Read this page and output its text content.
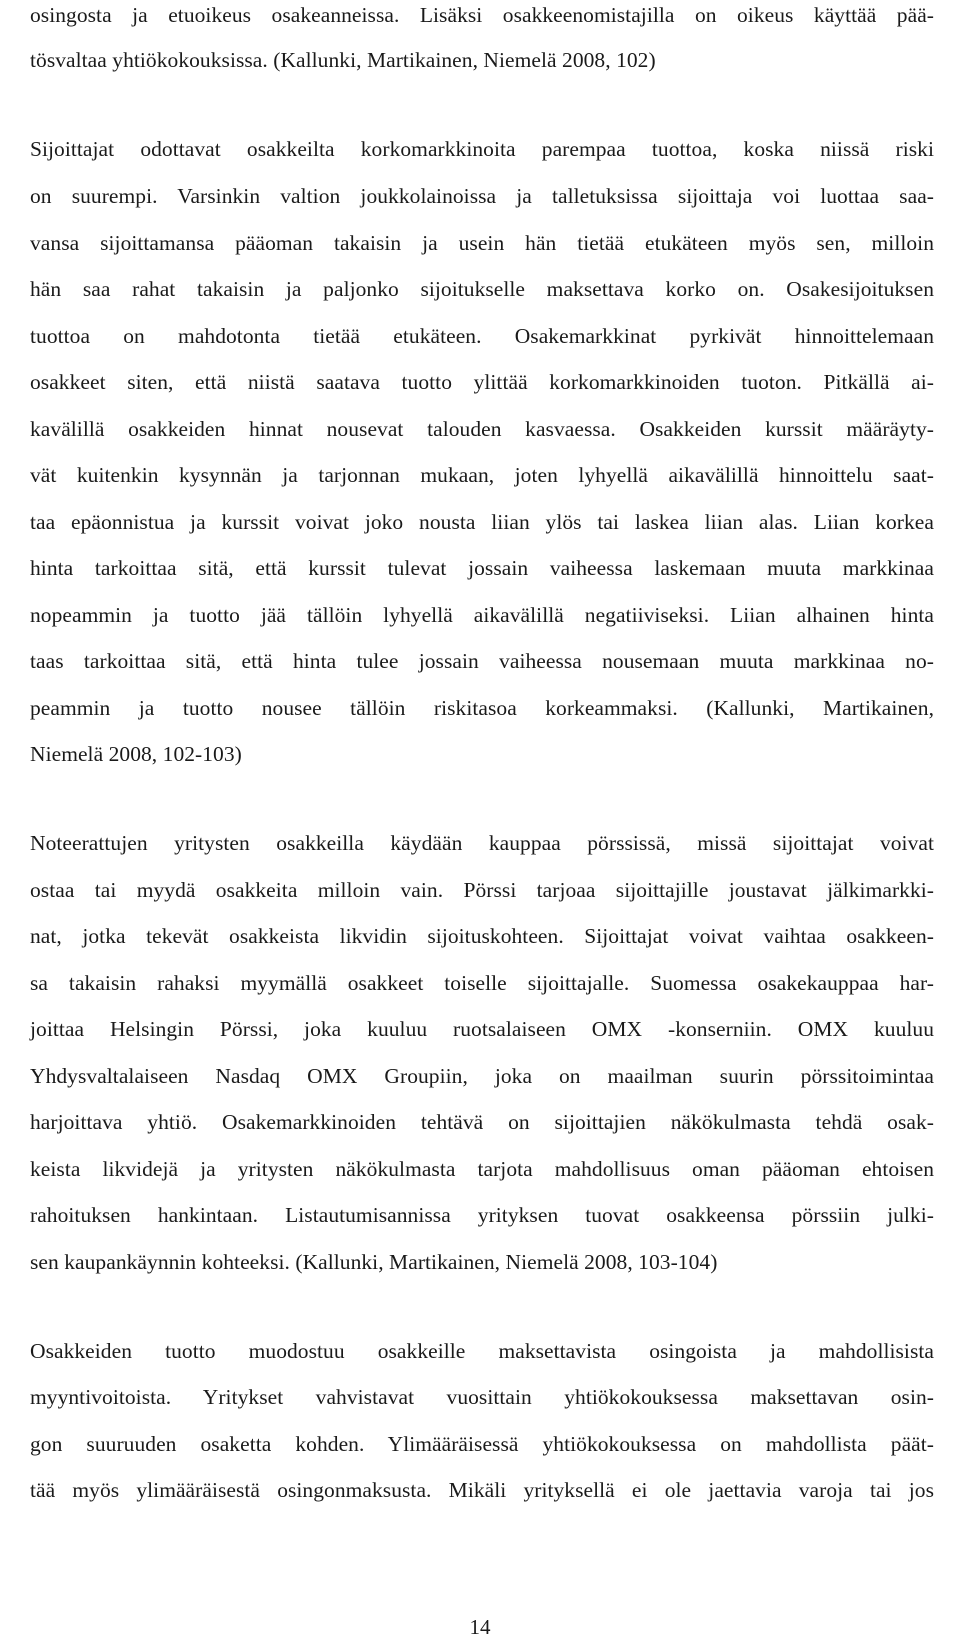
osingosta ja etuoikeus osakeanneissa. Lisäksi osakkeenomistajilla on oikeus käyttää pää-
tösvaltaa yhtiökokouksissa. (Kallunki, Martikainen, Niemelä 2008, 102)
Sijoittajat odottavat osakkeilta korkomarkkinoita parempaa tuottoa, koska niissä riski
on suurempi. Varsinkin valtion joukkolainoissa ja talletuksissa sijoittaja voi luottaa saa-
vansa sijoittamansa pääoman takaisin ja usein hän tietää etukäteen myös sen, milloin
hän saa rahat takaisin ja paljonko sijoitukselle maksettava korko on. Osakesijoituksen
tuottoa on mahdotonta tietää etukäteen. Osakemarkkinat pyrkivät hinnoittelemaan
osakkeet siten, että niistä saatava tuotto ylittää korkomarkkinoiden tuoton. Pitkällä ai-
kavälillä osakkeiden hinnat nousevat talouden kasvaessa. Osakkeiden kurssit määräyty-
vät kuitenkin kysynnän ja tarjonnan mukaan, joten lyhyellä aikavälillä hinnoittelu saat-
taa epäonnistua ja kurssit voivat joko nousta liian ylös tai laskea liian alas. Liian korkea
hinta tarkoittaa sitä, että kurssit tulevat jossain vaiheessa laskemaan muuta markkinaa
nopeammin ja tuotto jää tällöin lyhyellä aikavälillä negatiiviseksi. Liian alhainen hinta
taas tarkoittaa sitä, että hinta tulee jossain vaiheessa nousemaan muuta markkinaa no-
peammin ja tuotto nousee tällöin riskitasoa korkeammaksi. (Kallunki, Martikainen,
Niemelä 2008, 102-103)
Noteerattujen yritysten osakkeilla käydään kauppaa pörssissä, missä sijoittajat voivat
ostaa tai myydä osakkeita milloin vain. Pörssi tarjoaa sijoittajille joustavat jälkimarkki-
nat, jotka tekevät osakkeista likvidin sijoituskohteen. Sijoittajat voivat vaihtaa osakkeen-
sa takaisin rahaksi myymällä osakkeet toiselle sijoittajalle. Suomessa osakekauppaa har-
joittaa Helsingin Pörssi, joka kuuluu ruotsalaiseen OMX -konserniin. OMX kuuluu
Yhdysvaltalaiseen Nasdaq OMX Groupiin, joka on maailman suurin pörssitoimintaa
harjoittava yhtiö. Osakemarkkinoiden tehtävä on sijoittajien näkökulmasta tehdä osak-
keista likvidejä ja yritysten näkökulmasta tarjota mahdollisuus oman pääoman ehtoisen
rahoituksen hankintaan. Listautumisannissa yrityksen tuovat osakkeensa pörssiin julki-
sen kaupankäynnin kohteeksi. (Kallunki, Martikainen, Niemelä 2008, 103-104)
Osakkeiden tuotto muodostuu osakkeille maksettavista osingoista ja mahdollisista
myyntivoitoista. Yritykset vahvistavat vuosittain yhtiökokouksessa maksettavan osin-
gon suuruuden osaketta kohden. Ylimääräisessä yhtiökokouksessa on mahdollista päät-
tää myös ylimääräisestä osingonmaksusta. Mikäli yrityksellä ei ole jaettavia varoja tai jos
14
